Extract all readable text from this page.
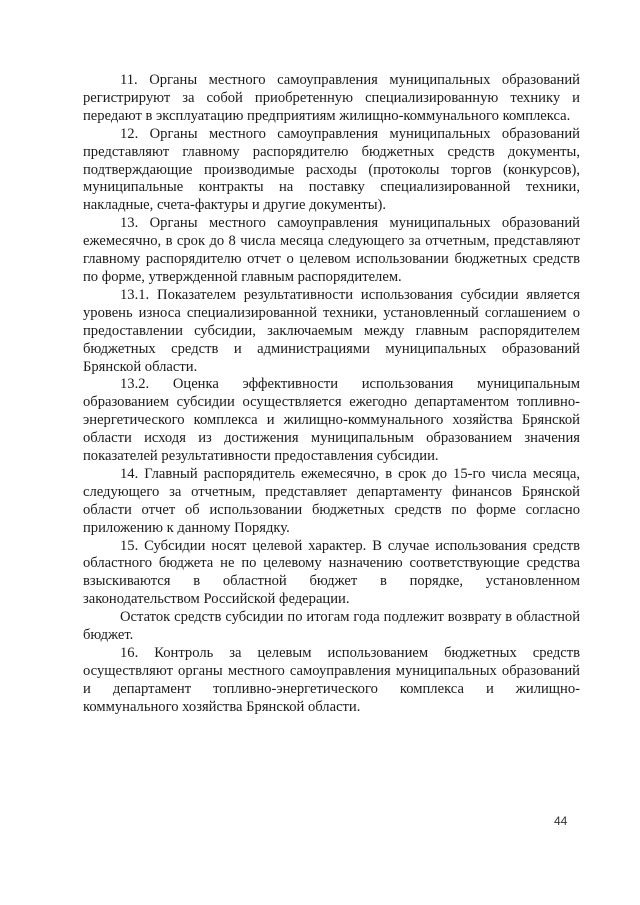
11. Органы местного самоуправления муниципальных образований регистрируют за собой приобретенную специализированную технику и передают в эксплуатацию предприятиям жилищно-коммунального комплекса.

12. Органы местного самоуправления муниципальных образований представляют главному распорядителю бюджетных средств документы, подтверждающие производимые расходы (протоколы торгов (конкурсов), муниципальные контракты на поставку специализированной техники, накладные, счета-фактуры и другие документы).

13. Органы местного самоуправления муниципальных образований ежемесячно, в срок до 8 числа месяца следующего за отчетным, представляют главному распорядителю отчет о целевом использовании бюджетных средств по форме, утвержденной главным распорядителем.

13.1. Показателем результативности использования субсидии является уровень износа специализированной техники, установленный соглашением о предоставлении субсидии, заключаемым между главным распорядителем бюджетных средств и администрациями муниципальных образований Брянской области.

13.2. Оценка эффективности использования муниципальным образованием субсидии осуществляется ежегодно департаментом топливно-энергетического комплекса и жилищно-коммунального хозяйства Брянской области исходя из достижения муниципальным образованием значения показателей результативности предоставления субсидии.

14. Главный распорядитель ежемесячно, в срок до 15-го числа месяца, следующего за отчетным, представляет департаменту финансов Брянской области отчет об использовании бюджетных средств по форме согласно приложению к данному Порядку.

15. Субсидии носят целевой характер. В случае использования средств областного бюджета не по целевому назначению соответствующие средства взыскиваются в областной бюджет в порядке, установленном законодательством Российской федерации.

Остаток средств субсидии по итогам года подлежит возврату в областной бюджет.

16. Контроль за целевым использованием бюджетных средств осуществляют органы местного самоуправления муниципальных образований и департамент топливно-энергетического комплекса и жилищно-коммунального хозяйства Брянской области.

44
